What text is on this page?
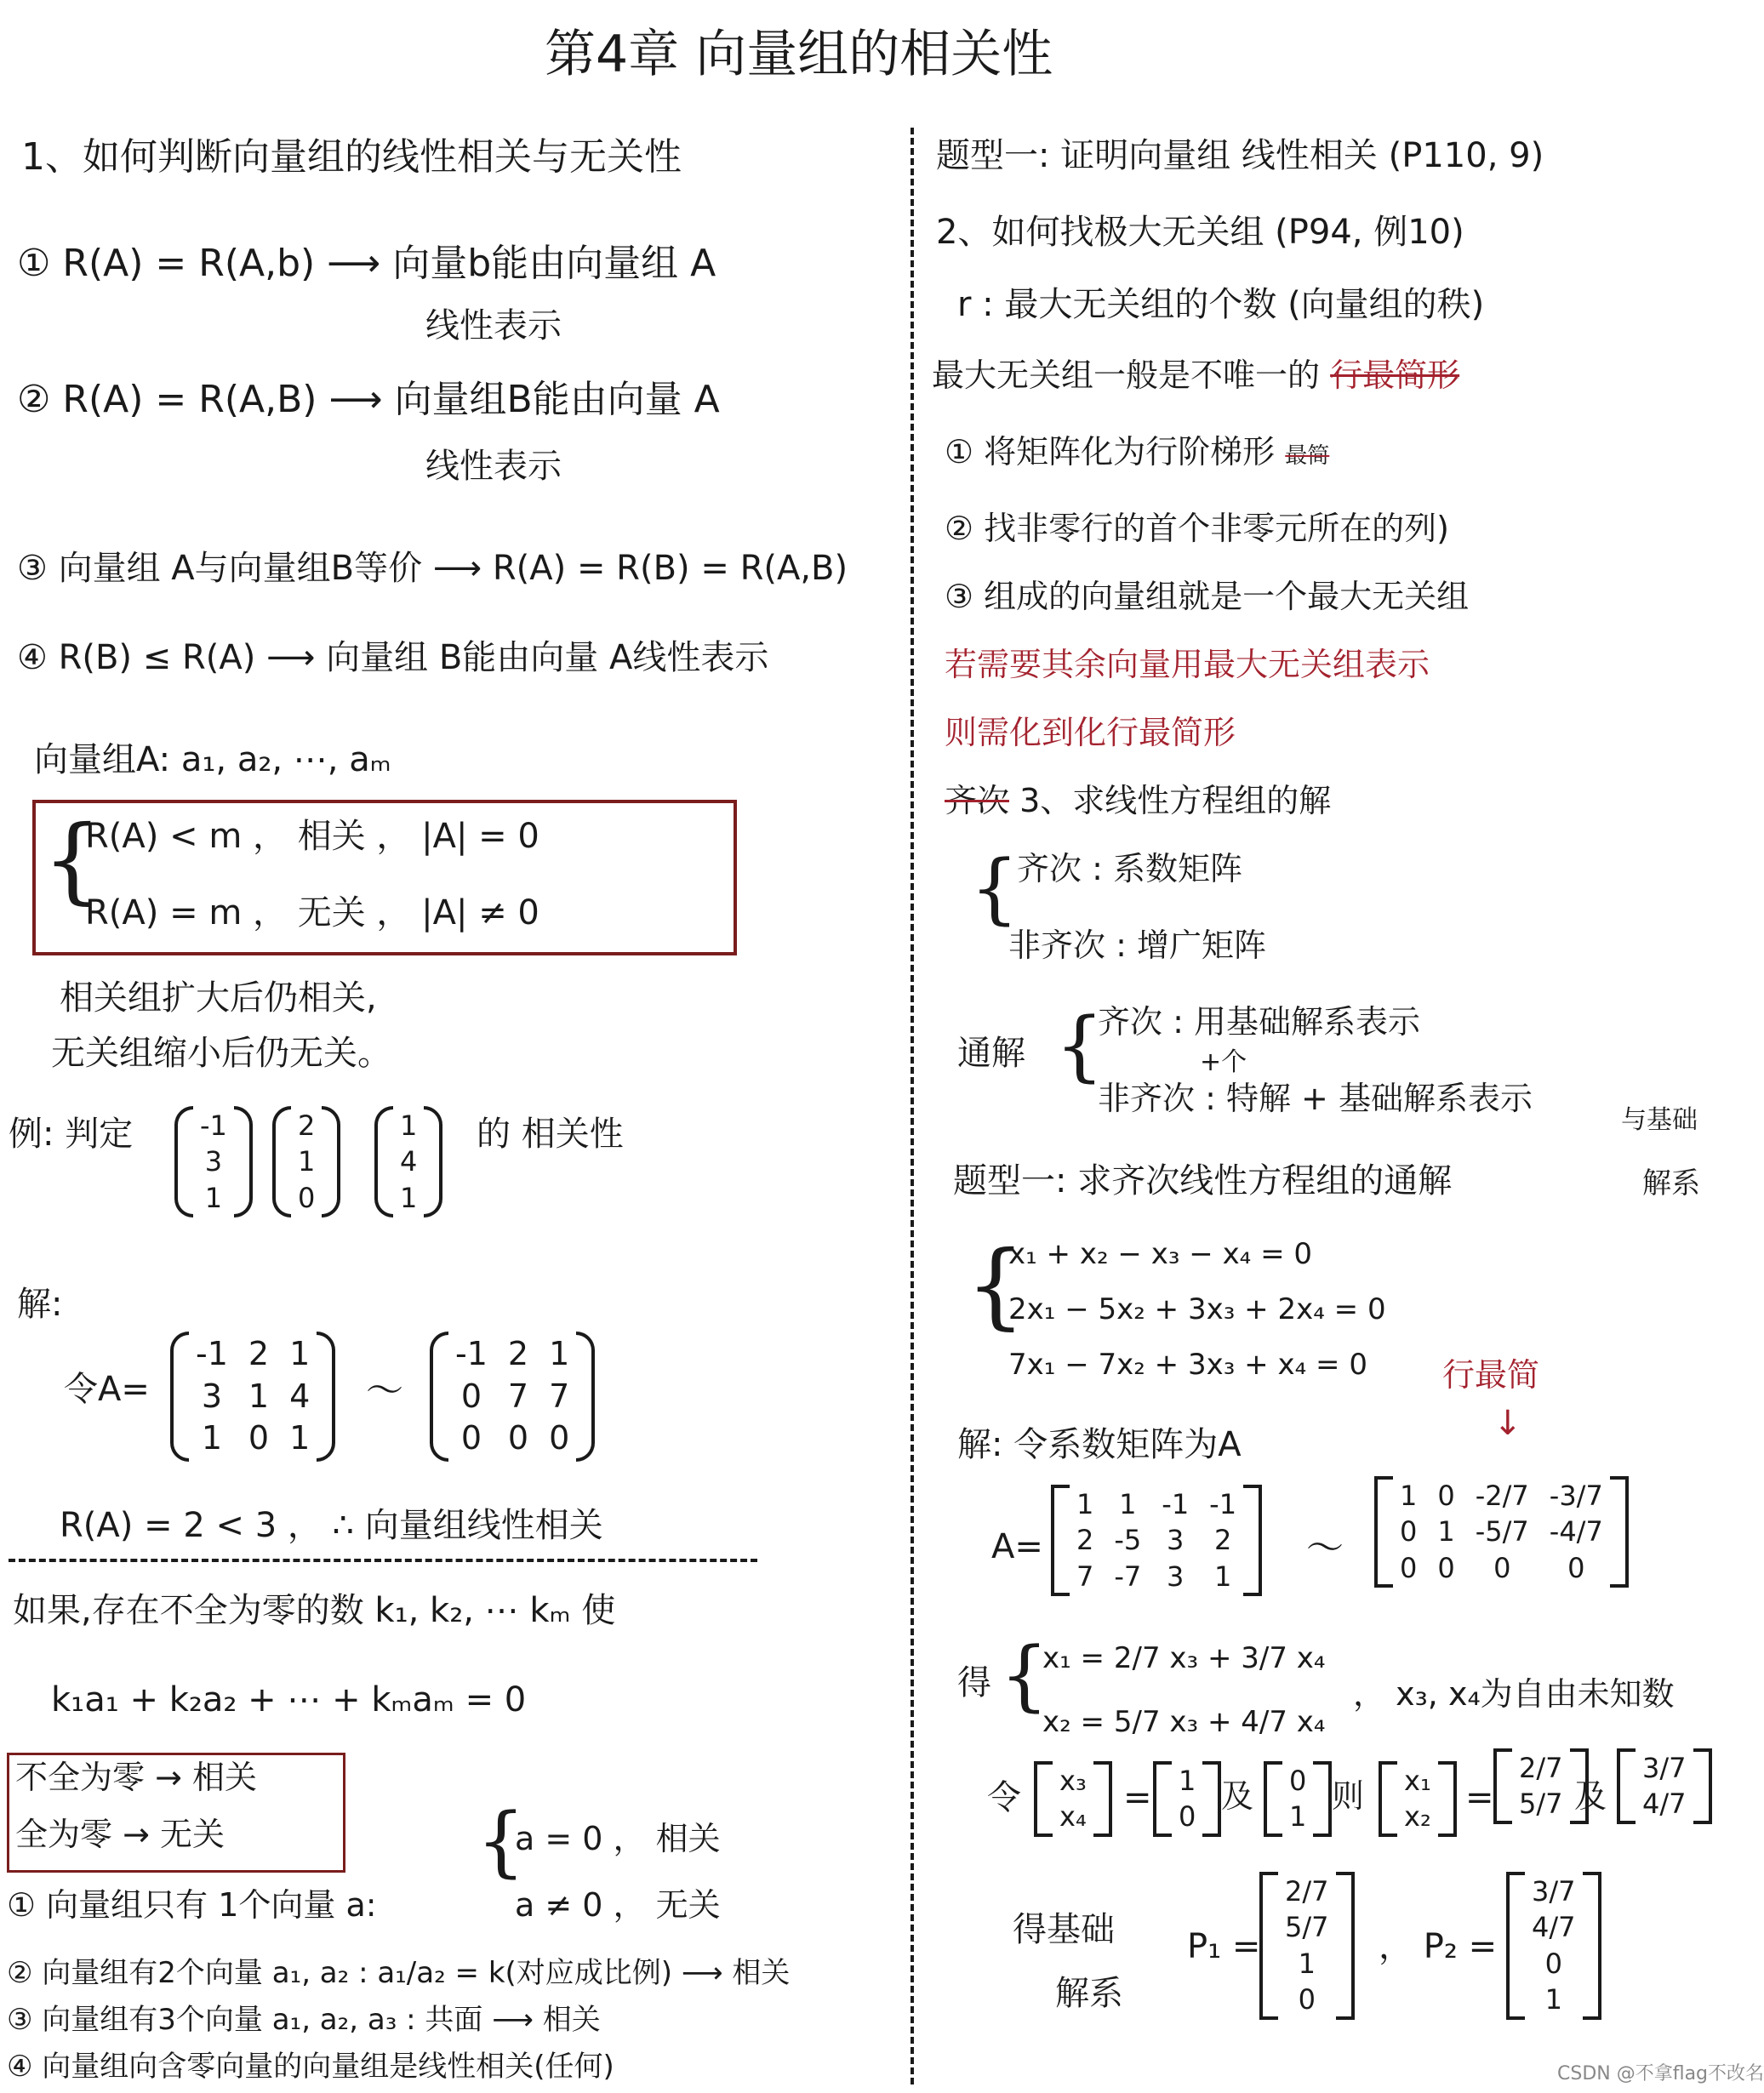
第4章 向量组的相关性
1、如何判断向量组的线性相关与无关性
① R(A) = R(A,b) ⟶ 向量b能由向量组 A
线性表示
② R(A) = R(A,B) ⟶ 向量组B能由向量 A
线性表示
③ 向量组 A与向量组B等价 ⟶ R(A) = R(B) = R(A,B)
④ R(B) ≤ R(A) ⟶ 向量组 B能由向量 A线性表示
向量组A: a₁, a₂, ⋯, aₘ
{
R(A) < m ， 相关 ， |A| = 0
R(A) = m ， 无关 ， |A| ≠ 0
相关组扩大后仍相关,
无关组缩小后仍无关。
例: 判定 -1
3
1
2
1
0
1
4
1
的 相关性
解:
令A=
-1 2 1
3 1 4
1 0 1
～
-1 2 1
0 7 7
0 0 0
R(A) = 2 < 3 ， ∴ 向量组线性相关
如果,存在不全为零的数 k₁, k₂, ⋯ kₘ 使
k₁a₁ + k₂a₂ + ⋯ + kₘaₘ = 0
不全为零 → 相关
全为零 → 无关
① 向量组只有 1个向量 a:
{
a = 0 ， 相关
a ≠ 0 ， 无关
② 向量组有2个向量 a₁, a₂ : a₁/a₂ = k(对应成比例) ⟶ 相关
③ 向量组有3个向量 a₁, a₂, a₃ : 共面 ⟶ 相关
④ 向量组向含零向量的向量组是线性相关(任何)
题型一: 证明向量组 线性相关 (P110, 9)
2、如何找极大无关组 (P94, 例10)
r : 最大无关组的个数 (向量组的秩)
最大无关组一般是不唯一的 行最简形
① 将矩阵化为行阶梯形 最简
② 找非零行的首个非零元所在的列)
③ 组成的向量组就是一个最大无关组
若需要其余向量用最大无关组表示
则需化到化行最简形
齐次 3、求线性方程组的解
{
齐次 : 系数矩阵
非齐次 : 增广矩阵
通解 {
齐次 : 用基础解系表示
+个
非齐次 : 特解 + 基础解系表示
与基础
题型一: 求齐次线性方程组的通解	解系
{
x₁ + x₂ − x₃ − x₄ = 0
2x₁ − 5x₂ + 3x₃ + 2x₄ = 0
7x₁ − 7x₂ + 3x₃ + x₄ = 0 行最简
↓
解: 令系数矩阵为A
A=
1 1 -1 -1
2 -5 3 2
7 -7 3 1
～
1 0 -2/7 -3/7
0 1 -5/7 -4/7
0 0 0 0
得 {
x₁ = 2/7 x₃ + 3/7 x₄
x₂ = 5/7 x₃ + 4/7 x₄
， x₃, x₄为自由未知数
令 x₃
x₄ = 1
0
及 0
1
则 x₁
x₂ =
2/7
5/7 及
3/7
4/7
得基础
解系
P₁ =
2/7
5/7
1
0
， P₂ =
3/7
4/7
0
1
CSDN @不拿flag不改名
